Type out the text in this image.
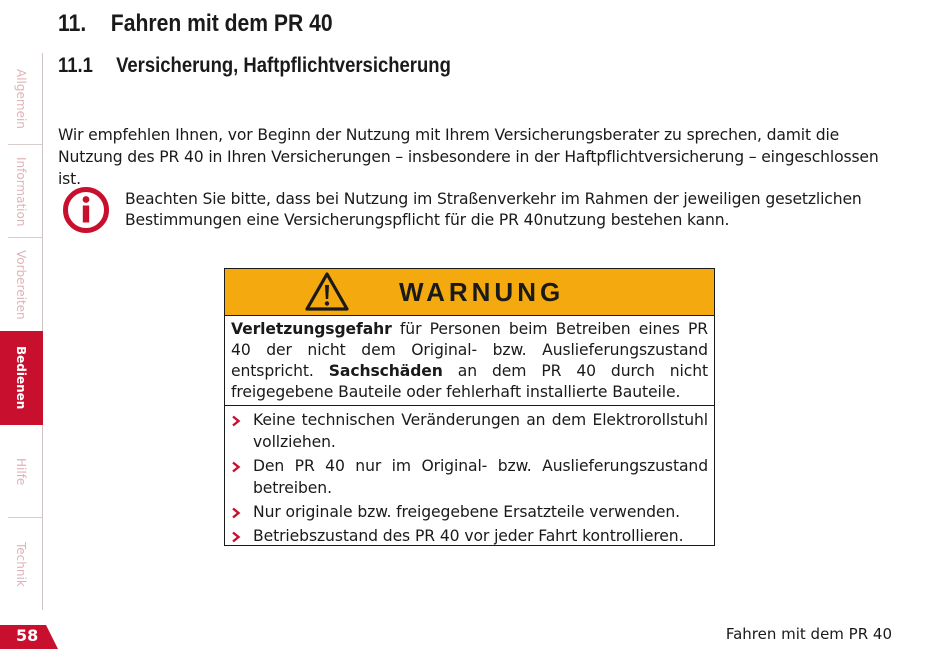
Allgemein
Information
Vorbereiten
Bedienen
Hilfe
Technik
11. Fahren mit dem PR 40
11.1 Versicherung, Haftpflichtversicherung
Wir empfehlen Ihnen, vor Beginn der Nutzung mit Ihrem Versicherungsberater zu sprechen, damit die Nutzung des PR 40 in Ihren Versicherungen – insbesondere in der Haftpflichtversicherung – eingeschlossen ist.
Beachten Sie bitte, dass bei Nutzung im Straßenverkehr im Rahmen der jeweiligen gesetzlichen Bestimmungen eine Versicherungspflicht für die PR 40nutzung bestehen kann.
WARNUNG
Verletzungsgefahr für Personen beim Betreiben eines PR 40 der nicht dem Original- bzw. Auslieferungszustand entspricht. Sachschäden an dem PR 40 durch nicht freigegebene Bauteile oder fehlerhaft installierte Bauteile.
Keine technischen Veränderungen an dem Elektrorollstuhl vollziehen.
Den PR 40 nur im Original- bzw. Auslieferungszustand betreiben.
Nur originale bzw. freigegebene Ersatzteile verwenden.
Betriebszustand des PR 40 vor jeder Fahrt kontrollieren.
58	Fahren mit dem PR 40
